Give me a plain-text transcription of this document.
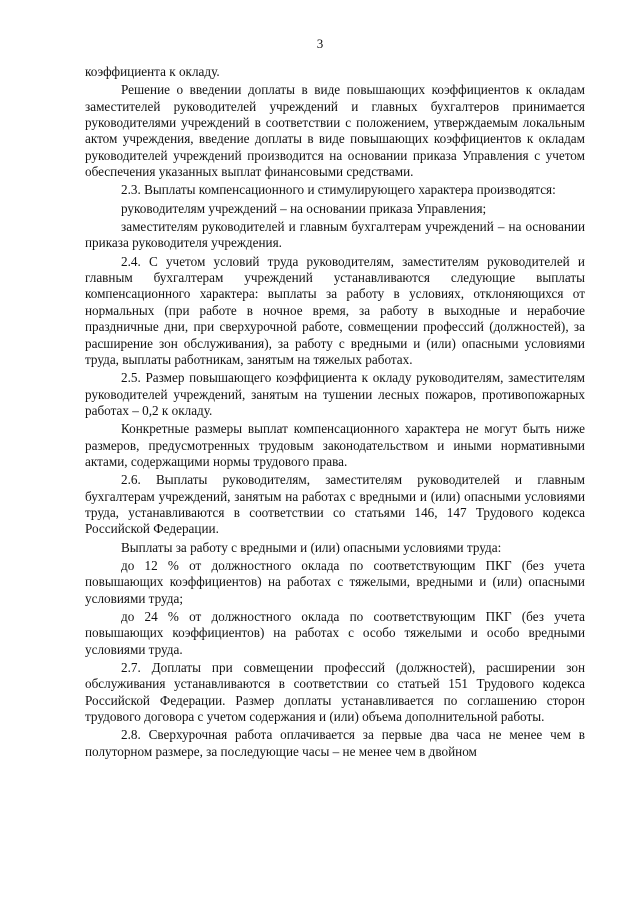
3

коэффициента к окладу.

Решение о введении доплаты в виде повышающих коэффициентов к окладам заместителей руководителей учреждений и главных бухгалтеров принимается руководителями учреждений в соответствии с положением, утверждаемым локальным актом учреждения, введение доплаты в виде повышающих коэффициентов к окладам руководителей учреждений производится на основании приказа Управления с учетом обеспечения указанных выплат финансовыми средствами.

2.3. Выплаты компенсационного и стимулирующего характера производятся:

руководителям учреждений – на основании приказа Управления;

заместителям руководителей и главным бухгалтерам учреждений – на основании приказа руководителя учреждения.

2.4. С учетом условий труда руководителям, заместителям руководителей и главным бухгалтерам учреждений устанавливаются следующие выплаты компенсационного характера: выплаты за работу в условиях, отклоняющихся от нормальных (при работе в ночное время, за работу в выходные и нерабочие праздничные дни, при сверхурочной работе, совмещении профессий (должностей), за расширение зон обслуживания), за работу с вредными и (или) опасными условиями труда, выплаты работникам, занятым на тяжелых работах.

2.5. Размер повышающего коэффициента к окладу руководителям, заместителям руководителей учреждений, занятым на тушении лесных пожаров, противопожарных работах – 0,2 к окладу.

Конкретные размеры выплат компенсационного характера не могут быть ниже размеров, предусмотренных трудовым законодательством и иными нормативными актами, содержащими нормы трудового права.

2.6. Выплаты руководителям, заместителям руководителей и главным бухгалтерам учреждений, занятым на работах с вредными и (или) опасными условиями труда, устанавливаются в соответствии со статьями 146, 147 Трудового кодекса Российской Федерации.

Выплаты за работу с вредными и (или) опасными условиями труда:

до 12 % от должностного оклада по соответствующим ПКГ (без учета повышающих коэффициентов) на работах с тяжелыми, вредными и (или) опасными условиями труда;

до 24 % от должностного оклада по соответствующим ПКГ (без учета повышающих коэффициентов) на работах с особо тяжелыми и особо вредными условиями труда.

2.7. Доплаты при совмещении профессий (должностей), расширении зон обслуживания устанавливаются в соответствии со статьей 151 Трудового кодекса Российской Федерации. Размер доплаты устанавливается по соглашению сторон трудового договора с учетом содержания и (или) объема дополнительной работы.

2.8. Сверхурочная работа оплачивается за первые два часа не менее чем в полуторном размере, за последующие часы – не менее чем в двойном
